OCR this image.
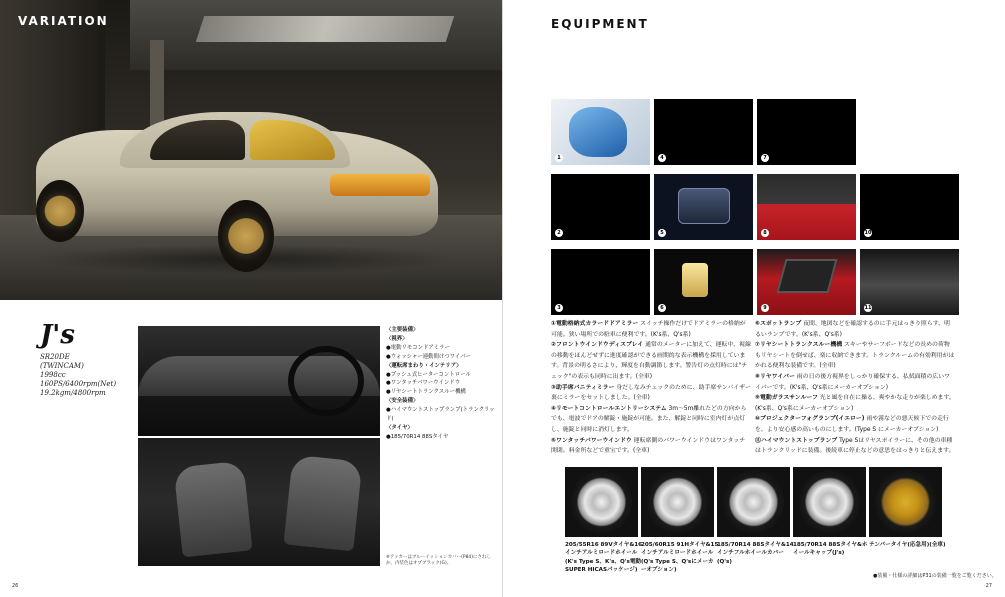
VARIATION
J's
SR20DE
(TWINCAM)
1998cc
160PS/6400rpm(Net)
19.2kgm/4800rpm
〈主要装備〉
〈視界〉
●電動リモコンドアミラー
●ウォッシャー連動間けつワイパー
〈運転席まわり・インテリア〉
●プッシュ式ヒーターコントロール
●ワンタッチパワーウインドウ
●リヤシートトランクスルー機構
〈安全装備〉
●ハイマウントストップランプ(トランクリッド)
〈タイヤ〉
●185/70R14 88Sタイヤ
※アッカーはブルーイッションカバー(P84)にされしか、内装色はオプブラック(G)。
26
EQUIPMENT
1	4	7
2	5	8	10
3	6	9	11
①電動格納式カラードドアミラー スイッチ操作だけでドアミラーの格納が可能。狭い場所での駐車に便利です。(K's系、Q's系)
②フロントウインドウディスプレイ 通常のメーターに加えて、運転中、視線の移動をほんどせずに進度確認ができる画期的な表示機構を採用しています。背景の明るさにより、輝度を自動調節します。警告灯の点灯時には"チェック"の表示も同時に出ます。(全車)
③助手席バニティミラー 身だしなみチェックのために、助手席サンバイザー裏にミラーをセットしました。(全車)
④リモートコントロールエントリーシステム 3m〜5m離れたどの方向からでも、電波でドアの解錠・施錠が可能。また、解錠と同時に室内灯が点灯し、施錠と同時に消灯します。
⑤ワンタッチパワーウインドウ 運転席側のパワーウインドウはワンタッチ開閉。料金所などで重宝です。(全車)
⑥スポットランプ 夜間、地図などを確認するのに手元はっきり照らす、明るいランプです。(K's系、Q's系)
⑦リヤシートトランクスルー機構 スキーやサーフボードなどの長めの荷物もリヤシートを倒せば、楽に収納できます。トランクルームの有効利用がはかれる便利な装備です。(全車)
⑧リヤワイパー 雨の日の後方視界をしっかり確保する、払拭面積の広いワイパーです。(K's系、Q's系にメーカーオプション)
⑨電動ガラスサンルーフ 光と風を自在に操る、爽やかな走りが楽しめます。(K's系、Q's系にメーカーオプション)
⑩プロジェクターフォグランプ(イエロー) 雨や霧などの悪天候下での走行を、より安心感の高いものにします。(Type S にメーカーオプション)
⑪ハイマウントストップランプ Type Sはリヤスポイラーに、その他の車種はトランクリッドに装備。後続車に停止などの意思をはっきりと伝えます。
205/55R16 89Vタイヤ&16インチアルミロードホイール(K's Type S、K's、Q's電動SUPER HICASパッケージ)
205/60R15 91Hタイヤ&15インチアルミロードホイール(Q's Type S、Q'sにメーカーオプション)
185/70R14 88Sタイヤ&14インチフルホイールカバー(Q's)
185/70R14 88Sタイヤ&ホイールキャップ(J's)
テンパータイヤ(応急用)(全車)
●装備・仕様の詳細はP31の装備一覧をご覧ください。
27
